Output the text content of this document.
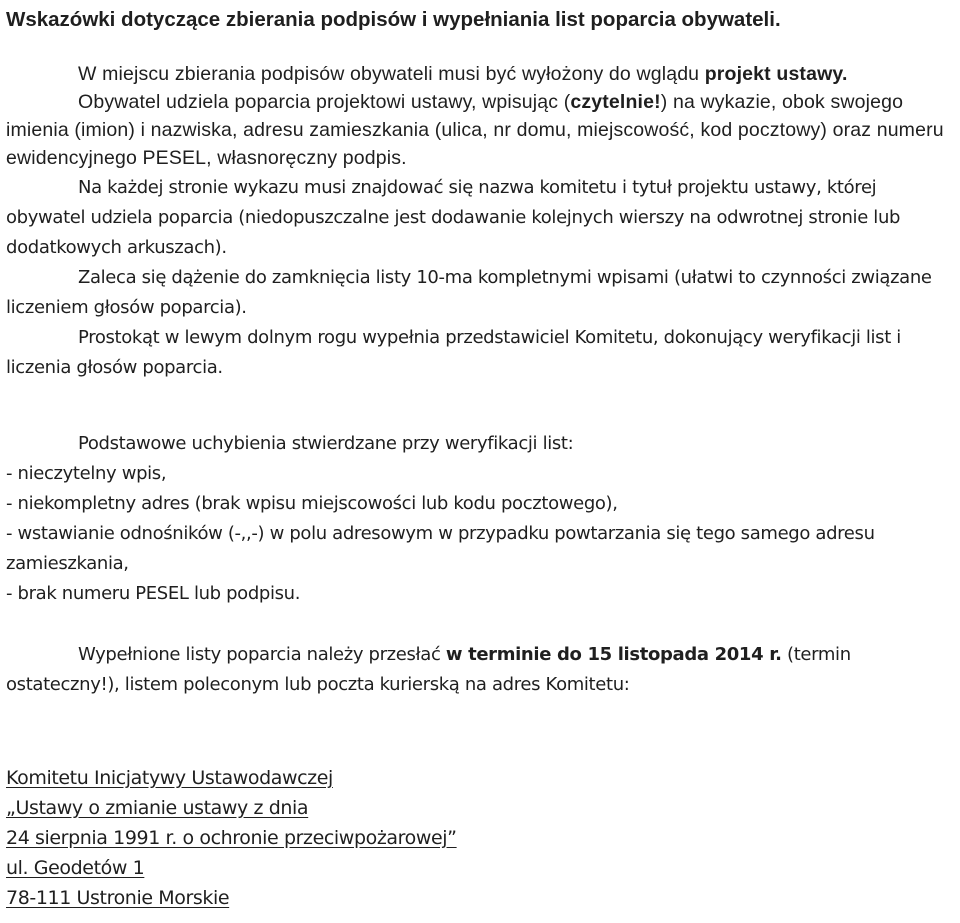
Wskazówki dotyczące zbierania podpisów i wypełniania list poparcia obywateli.

W miejscu zbierania podpisów obywateli musi być wyłożony do wglądu projekt ustawy.

Obywatel udziela poparcia projektowi ustawy, wpisując (czytelnie!) na wykazie, obok swojego imienia (imion) i nazwiska, adresu zamieszkania (ulica, nr domu, miejscowość, kod pocztowy) oraz numeru ewidencyjnego PESEL, własnoręczny podpis.

Na każdej stronie wykazu musi znajdować się nazwa komitetu i tytuł projektu ustawy, której obywatel udziela poparcia (niedopuszczalne jest dodawanie kolejnych wierszy na odwrotnej stronie lub dodatkowych arkuszach).

Zaleca się dążenie do zamknięcia listy 10-ma kompletnymi wpisami (ułatwi to czynności związane liczeniem głosów poparcia).

Prostokąt w lewym dolnym rogu wypełnia przedstawiciel Komitetu, dokonujący weryfikacji list i liczenia głosów poparcia.

Podstawowe uchybienia stwierdzane przy weryfikacji list:

- nieczytelny wpis,

- niekompletny adres (brak wpisu miejscowości lub kodu pocztowego),

- wstawianie odnośników (-,,-) w polu adresowym w przypadku powtarzania się tego samego adresu zamieszkania,

- brak numeru PESEL lub podpisu.

Wypełnione listy poparcia należy przesłać w terminie do 15 listopada 2014 r. (termin ostateczny!), listem poleconym lub poczta kurierską na adres Komitetu:

Komitetu Inicjatywy Ustawodawczej
„Ustawy o zmianie ustawy z dnia
24 sierpnia 1991 r. o ochronie przeciwpożarowej”
ul. Geodetów 1
78-111 Ustronie Morskie
